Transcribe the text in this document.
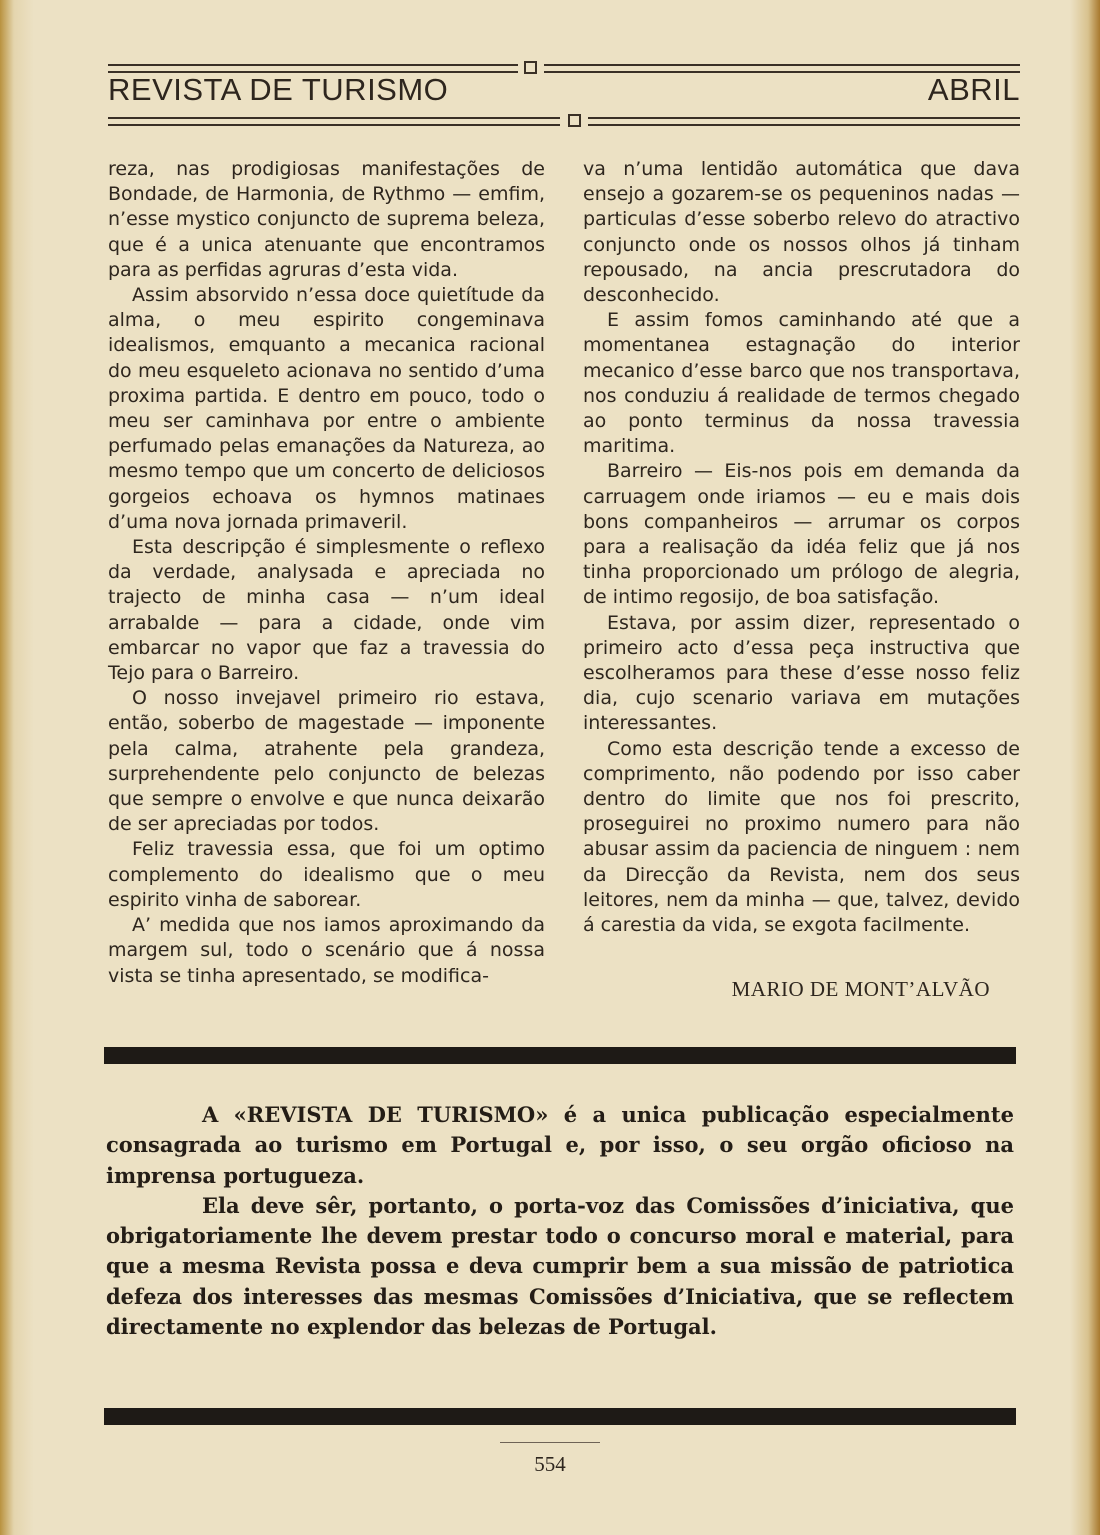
REVISTA DE TURISMO	ABRIL

reza, nas prodigiosas manifestações de Bondade, de Harmonia, de Rythmo — emfim, n’esse mystico conjuncto de suprema beleza, que é a unica atenuante que encontramos para as perfidas agruras d’esta vida.

Assim absorvido n’essa doce quietítude da alma, o meu espirito congeminava idealismos, emquanto a mecanica racional do meu esqueleto acionava no sentido d’uma proxima partida. E dentro em pouco, todo o meu ser caminhava por entre o ambiente perfumado pelas emanações da Natureza, ao mesmo tempo que um concerto de deliciosos gorgeios echoava os hymnos matinaes d’uma nova jornada primaveril.

Esta descripção é simplesmente o reflexo da verdade, analysada e apreciada no trajecto de minha casa — n’um ideal arrabalde — para a cidade, onde vim embarcar no vapor que faz a travessia do Tejo para o Barreiro.

O nosso invejavel primeiro rio estava, então, soberbo de magestade — imponente pela calma, atrahente pela grandeza, surprehendente pelo conjuncto de belezas que sempre o envolve e que nunca deixarão de ser apreciadas por todos.

Feliz travessia essa, que foi um optimo complemento do idealismo que o meu espirito vinha de saborear.

A’ medida que nos iamos aproximando da margem sul, todo o scenário que á nossa vista se tinha apresentado, se modifica-

va n’uma lentidão automática que dava ensejo a gozarem-se os pequeninos nadas —particulas d’esse soberbo relevo do atractivo conjuncto onde os nossos olhos já tinham repousado, na ancia prescrutadora do desconhecido.

E assim fomos caminhando até que a momentanea estagnação do interior mecanico d’esse barco que nos transportava, nos conduziu á realidade de termos chegado ao ponto terminus da nossa travessia maritima.

Barreiro — Eis-nos pois em demanda da carruagem onde iriamos — eu e mais dois bons companheiros — arrumar os corpos para a realisação da idéa feliz que já nos tinha proporcionado um prólogo de alegria, de intimo regosijo, de boa satisfação.

Estava, por assim dizer, representado o primeiro acto d’essa peça instructiva que escolheramos para these d’esse nosso feliz dia, cujo scenario variava em mutações interessantes.

Como esta descrição tende a excesso de comprimento, não podendo por isso caber dentro do limite que nos foi prescrito, proseguirei no proximo numero para não abusar assim da paciencia de ninguem : nem da Direcção da Revista, nem dos seus leitores, nem da minha — que, talvez, devido á carestia da vida, se exgota facilmente.

MARIO DE MONT’ALVÃO

A «REVISTA DE TURISMO» é a unica publicação especialmente consagrada ao turismo em Portugal e, por isso, o seu orgão oficioso na imprensa portugueza.

Ela deve sêr, portanto, o porta-voz das Comissões d’iniciativa, que obrigatoriamente lhe devem prestar todo o concurso moral e material, para que a mesma Revista possa e deva cumprir bem a sua missão de patriotica defeza dos interesses das mesmas Comissões d’Iniciativa, que se reflectem directamente no explendor das belezas de Portugal.

554
